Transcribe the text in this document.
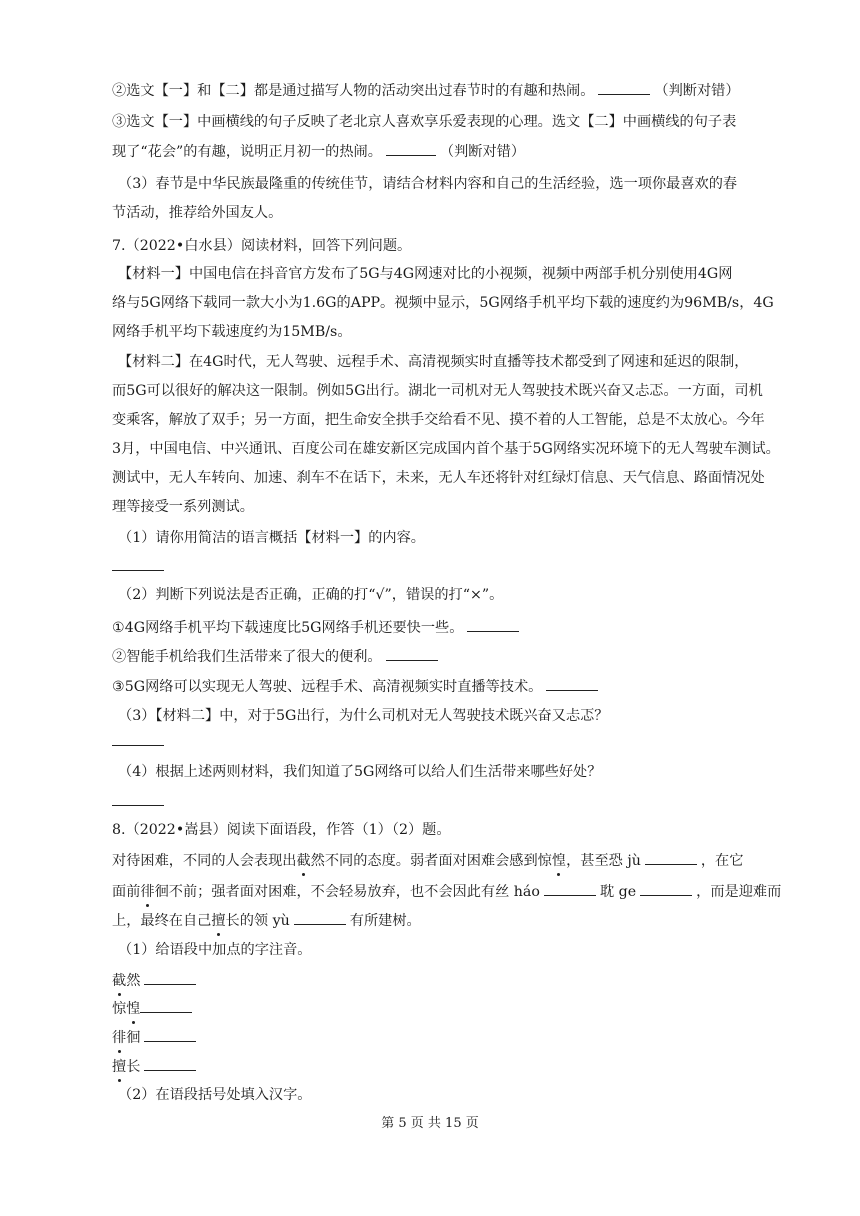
②选文【一】和【二】都是通过描写人物的活动突出过春节时的有趣和热闹。	（判断对错）
③选文【一】中画横线的句子反映了老北京人喜欢享乐爱表现的心理。选文【二】中画横线的句子表
现了“花会”的有趣，说明正月初一的热闹。	（判断对错）
（3）春节是中华民族最隆重的传统佳节，请结合材料内容和自己的生活经验，选一项你最喜欢的春
节活动，推荐给外国友人。
7.（2022•白水县）阅读材料，回答下列问题。
【材料一】中国电信在抖音官方发布了5G与4G网速对比的小视频，视频中两部手机分别使用4G网
络与5G网络下载同一款大小为1.6G的APP。视频中显示，5G网络手机平均下载的速度约为96MB/s，4G
网络手机平均下载速度约为15MB/s。
【材料二】在4G时代，无人驾驶、远程手术、高清视频实时直播等技术都受到了网速和延迟的限制，
而5G可以很好的解决这一限制。例如5G出行。湖北一司机对无人驾驶技术既兴奋又忐忑。一方面，司机
变乘客，解放了双手；另一方面，把生命安全拱手交给看不见、摸不着的人工智能，总是不太放心。今年
3月，中国电信、中兴通讯、百度公司在雄安新区完成国内首个基于5G网络实况环境下的无人驾驶车测试。
测试中，无人车转向、加速、刹车不在话下，未来，无人车还将针对红绿灯信息、天气信息、路面情况处
理等接受一系列测试。
（1）请你用简洁的语言概括【材料一】的内容。
（2）判断下列说法是否正确，正确的打“√”，错误的打“×”。
①4G网络手机平均下载速度比5G网络手机还要快一些。
②智能手机给我们生活带来了很大的便利。
③5G网络可以实现无人驾驶、远程手术、高清视频实时直播等技术。
（3）【材料二】中，对于5G出行，为什么司机对无人驾驶技术既兴奋又忐忑？
（4）根据上述两则材料，我们知道了5G网络可以给人们生活带来哪些好处？
8.（2022•嵩县）阅读下面语段，作答（1）（2）题。
对待困难，不同的人会表现出截然不同的态度。弱者面对困难会感到惊惶，甚至恐 jù	，在它
面前徘徊不前；强者面对困难，不会轻易放弃，也不会因此有丝 háo	耽 ge	，而是迎难而
上，最终在自己擅长的领 yù	有所建树。
（1）给语段中加点的字注音。
截然
惊惶
徘徊
擅长
（2）在语段括号处填入汉字。
第 5 页 共 15 页
